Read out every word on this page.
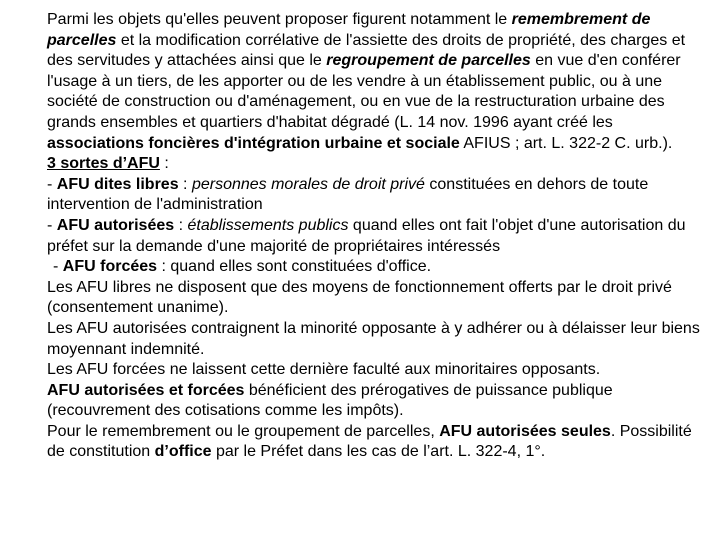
Parmi les objets qu'elles peuvent proposer figurent notamment le remembrement de parcelles et la modification corrélative de l'assiette des droits de propriété, des charges et des servitudes y attachées ainsi que le regroupement de parcelles en vue d'en conférer l'usage à un tiers, de les apporter ou de les vendre à un établissement public, ou à une société de construction ou d'aménagement, ou en vue de la restructuration urbaine des grands ensembles et quartiers d'habitat dégradé (L. 14 nov. 1996 ayant créé les associations foncières d'intégration urbaine et sociale AFIUS ; art. L. 322-2 C. urb.).

3 sortes d’AFU :

- AFU dites libres : personnes morales de droit privé constituées en dehors de toute intervention de l'administration

- AFU autorisées : établissements publics quand elles ont fait l'objet d'une autorisation du préfet sur la demande d'une majorité de propriétaires intéressés

- AFU forcées : quand elles sont constituées d'office.

Les AFU libres ne disposent que des moyens de fonctionnement offerts par le droit privé (consentement unanime).

Les AFU autorisées contraignent la minorité opposante à y adhérer ou à délaisser leur biens moyennant indemnité.

Les AFU forcées ne laissent cette dernière faculté aux minoritaires opposants.

AFU autorisées et forcées bénéficient des prérogatives de puissance publique (recouvrement des cotisations comme les impôts).

Pour le remembrement ou le groupement de parcelles, AFU autorisées seules. Possibilité de constitution d’office par le Préfet dans les cas de l’art. L. 322-4, 1°.
